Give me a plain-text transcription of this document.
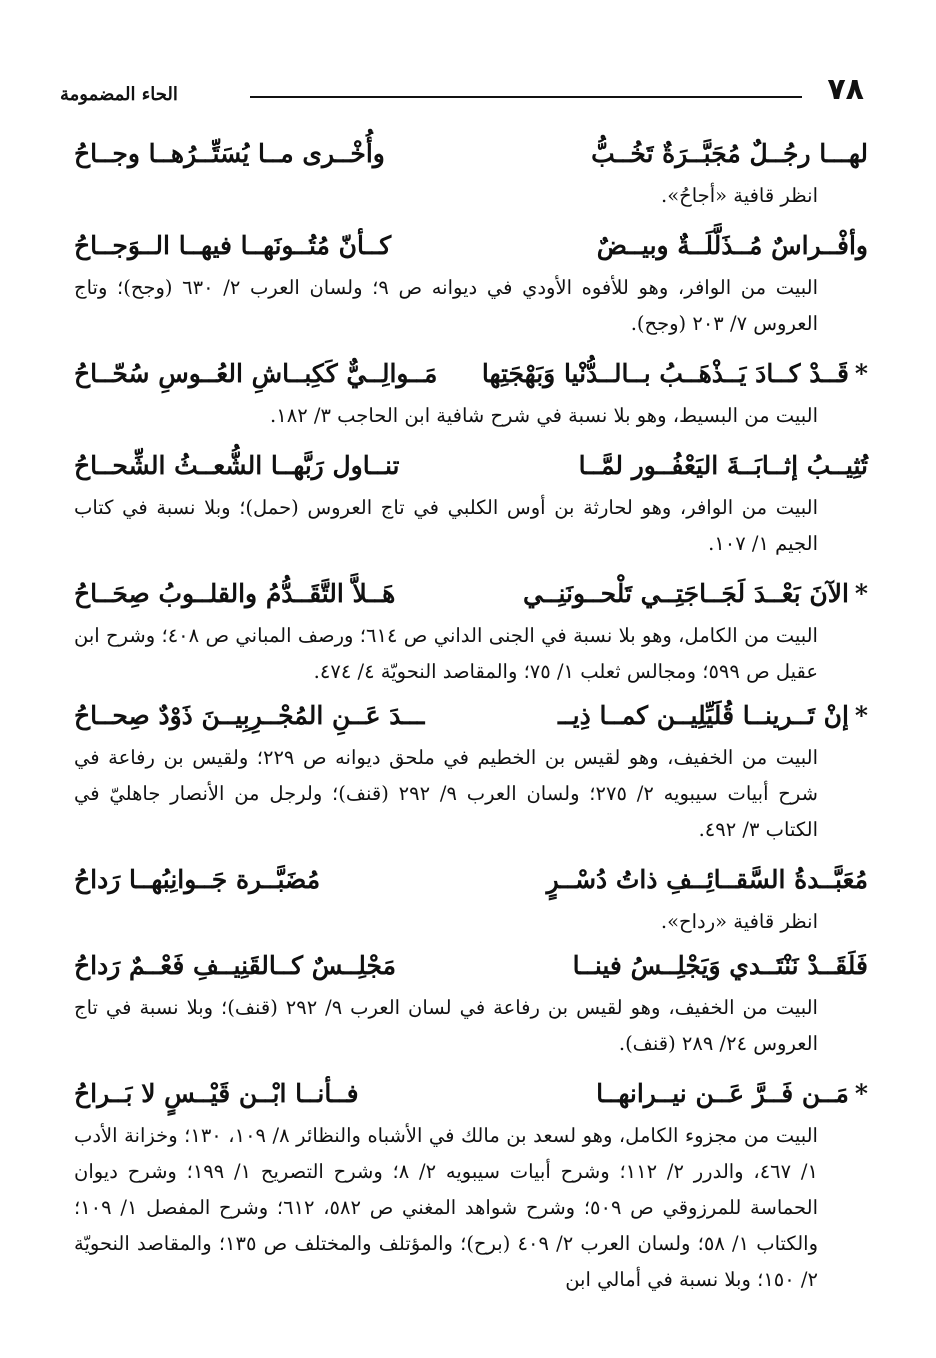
٧٨
الحاء المضمومة
لهـــا رجُــلٌ مُجَبَّــرَةٌ تَخُــبُّ
وأُخْــرى مــا يُسَتِّــرُهــا وجــاحُ
انظر قافية «أجاحُ».
وأفْــراسٌ مُــذَلَّلَــةٌ وبيــضٌ
كــأنّ مُتُــونَهــا فيهــا الــوَجــاحُ
البيت من الوافر، وهو للأفوه الأودي في ديوانه ص ٩؛ ولسان العرب ٢/ ٦٣٠ (وجح)؛ وتاج العروس ٧/ ٢٠٣ (وجح).
*قَــدْ كــادَ يَــذْهَــبُ بــالــدُّنْيا وَبَهْجَتِها
مَــوالِــيٌّ كَكِبــاشِ العُــوسِ سُحّــاحُ
البيت من البسيط، وهو بلا نسبة في شرح شافية ابن الحاجب ٣/ ١٨٢.
تُثِيــبُ إثــابَــةَ اليَعْفُــور لمَّــا
تنــاول رَبَّهــا الشُّعــثُ الشِّحــاحُ
البيت من الوافر، وهو لحارثة بن أوس الكلبي في تاج العروس (حمل)؛ وبلا نسبة في كتاب الجيم ١/ ١٠٧.
*الآنَ بَعْــدَ لَجَــاجَتِــي تَلْحــونَنِــي
هَــلاَّ التَّقَــدُّمُ والقلــوبُ صِحَــاحُ
البيت من الكامل، وهو بلا نسبة في الجنى الداني ص ٦١٤؛ ورصف المباني ص ٤٠٨؛ وشرح ابن عقيل ص ٥٩٩؛ ومجالس ثعلب ١/ ٧٥؛ والمقاصد النحويّة ٤/ ٤٧٤.
*إنْ تَــرينــا قُلَيِّلِيــن كمــا ذِيــ
ـــدَ عَــنِ المُجْــرِبِيــنَ ذَوْدٌ صِحــاحُ
البيت من الخفيف، وهو لقيس بن الخطيم في ملحق ديوانه ص ٢٢٩؛ ولقيس بن رفاعة في شرح أبيات سيبويه ٢/ ٢٧٥؛ ولسان العرب ٩/ ٢٩٢ (قنف)؛ ولرجل من الأنصار جاهليّ في الكتاب ٣/ ٤٩٢.
مُعَبَّــدةُ السَّقــائِــفِ ذاتُ دُسْــرٍ
مُضَبَّــرة جَــوانِبُهــا رَداحُ
انظر قافية «رداح».
فَلَقَــدْ نَنْتَــدي وَيَجْلِــسُ فينــا
مَجْلِــسٌ كــالقَنِيــفِ فَعْــمٌ رَداحُ
البيت من الخفيف، وهو لقيس بن رفاعة في لسان العرب ٩/ ٢٩٢ (قنف)؛ وبلا نسبة في تاج العروس ٢٤/ ٢٨٩ (قنف).
*مَــن فَــرَّ عَــن نيــرانهــا
فــأنــا ابْــن قَيْــسٍ لا بَــراحُ
البيت من مجزوء الكامل، وهو لسعد بن مالك في الأشباه والنظائر ٨/ ١٠٩، ١٣٠؛ وخزانة الأدب ١/ ٤٦٧، والدرر ٢/ ١١٢؛ وشرح أبيات سيبويه ٢/ ٨؛ وشرح التصريح ١/ ١٩٩؛ وشرح ديوان الحماسة للمرزوقي ص ٥٠٩؛ وشرح شواهد المغني ص ٥٨٢، ٦١٢؛ وشرح المفصل ١/ ١٠٩؛ والكتاب ١/ ٥٨؛ ولسان العرب ٢/ ٤٠٩ (برح)؛ والمؤتلف والمختلف ص ١٣٥؛ والمقاصد النحويّة ٢/ ١٥٠؛ وبلا نسبة في أمالي ابن
